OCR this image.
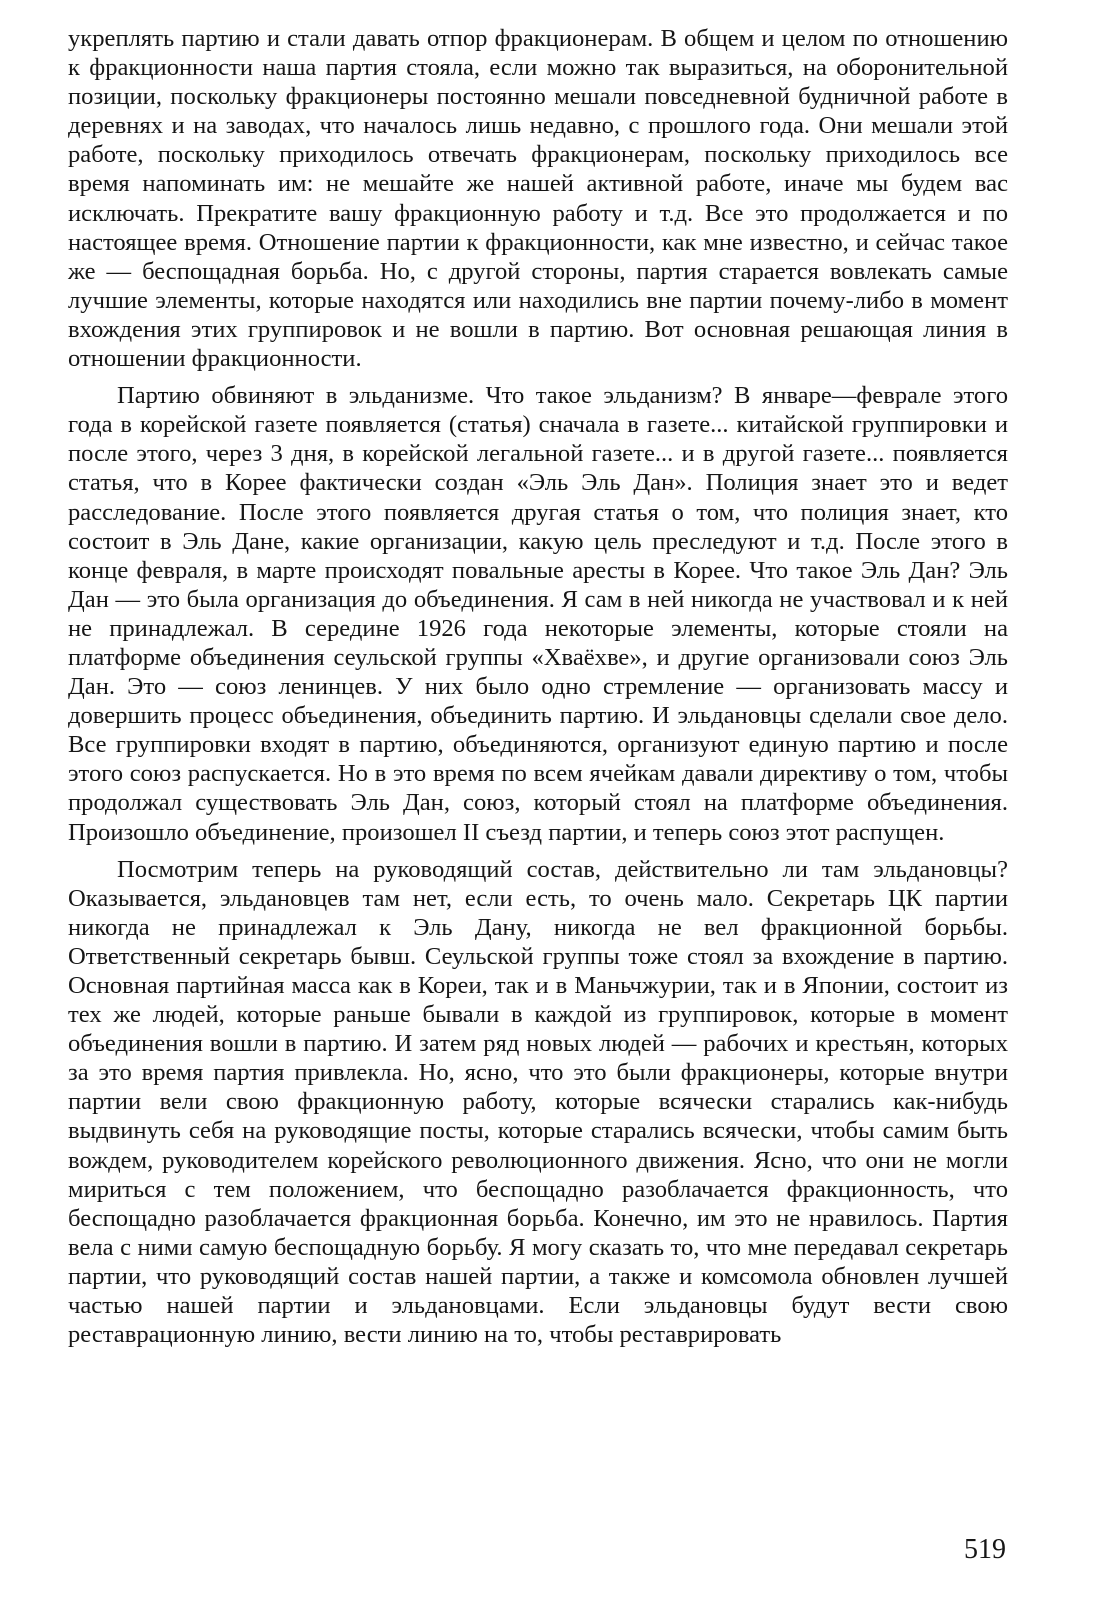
укреплять партию и стали давать отпор фракционерам. В общем и целом по отношению к фракционности наша партия стояла, если можно так выразиться, на оборонительной позиции, поскольку фракционеры постоянно мешали повседневной будничной работе в деревнях и на заводах, что началось лишь недавно, с прошлого года. Они мешали этой работе, поскольку приходилось отвечать фракционерам, поскольку приходилось все время напоминать им: не мешайте же нашей активной работе, иначе мы будем вас исключать. Прекратите вашу фракционную работу и т.д. Все это продолжается и по настоящее время. Отношение партии к фракционности, как мне известно, и сейчас такое же — беспощадная борьба. Но, с другой стороны, партия старается вовлекать самые лучшие элементы, которые находятся или находились вне партии почему-либо в момент вхождения этих группировок и не вошли в партию. Вот основная решающая линия в отношении фракционности.

Партию обвиняют в эльданизме. Что такое эльданизм? В январе—феврале этого года в корейской газете появляется (статья) сначала в газете... китайской группировки и после этого, через 3 дня, в корейской легальной газете... и в другой газете... появляется статья, что в Корее фактически создан «Эль Эль Дан». Полиция знает это и ведет расследование. После этого появляется другая статья о том, что полиция знает, кто состоит в Эль Дане, какие организации, какую цель преследуют и т.д. После этого в конце февраля, в марте происходят повальные аресты в Корее. Что такое Эль Дан? Эль Дан — это была организация до объединения. Я сам в ней никогда не участвовал и к ней не принадлежал. В середине 1926 года некоторые элементы, которые стояли на платформе объединения сеульской группы «Хваёхве», и другие организовали союз Эль Дан. Это — союз ленинцев. У них было одно стремление — организовать массу и довершить процесс объединения, объединить партию. И эльдановцы сделали свое дело. Все группировки входят в партию, объединяются, организуют единую партию и после этого союз распускается. Но в это время по всем ячейкам давали директиву о том, чтобы продолжал существовать Эль Дан, союз, который стоял на платформе объединения. Произошло объединение, произошел II съезд партии, и теперь союз этот распущен.

Посмотрим теперь на руководящий состав, действительно ли там эльдановцы? Оказывается, эльдановцев там нет, если есть, то очень мало. Секретарь ЦК партии никогда не принадлежал к Эль Дану, никогда не вел фракционной борьбы. Ответственный секретарь бывш. Сеульской группы тоже стоял за вхождение в партию. Основная партийная масса как в Кореи, так и в Маньчжурии, так и в Японии, состоит из тех же людей, которые раньше бывали в каждой из группировок, которые в момент объединения вошли в партию. И затем ряд новых людей — рабочих и крестьян, которых за это время партия привлекла. Но, ясно, что это были фракционеры, которые внутри партии вели свою фракционную работу, которые всячески старались как-нибудь выдвинуть себя на руководящие посты, которые старались всячески, чтобы самим быть вождем, руководителем корейского революционного движения. Ясно, что они не могли мириться с тем положением, что беспощадно разоблачается фракционность, что беспощадно разоблачается фракционная борьба. Конечно, им это не нравилось. Партия вела с ними самую беспощадную борьбу. Я могу сказать то, что мне передавал секретарь партии, что руководящий состав нашей партии, а также и комсомола обновлен лучшей частью нашей партии и эльдановцами. Если эльдановцы будут вести свою реставрационную линию, вести линию на то, чтобы реставрировать

519
